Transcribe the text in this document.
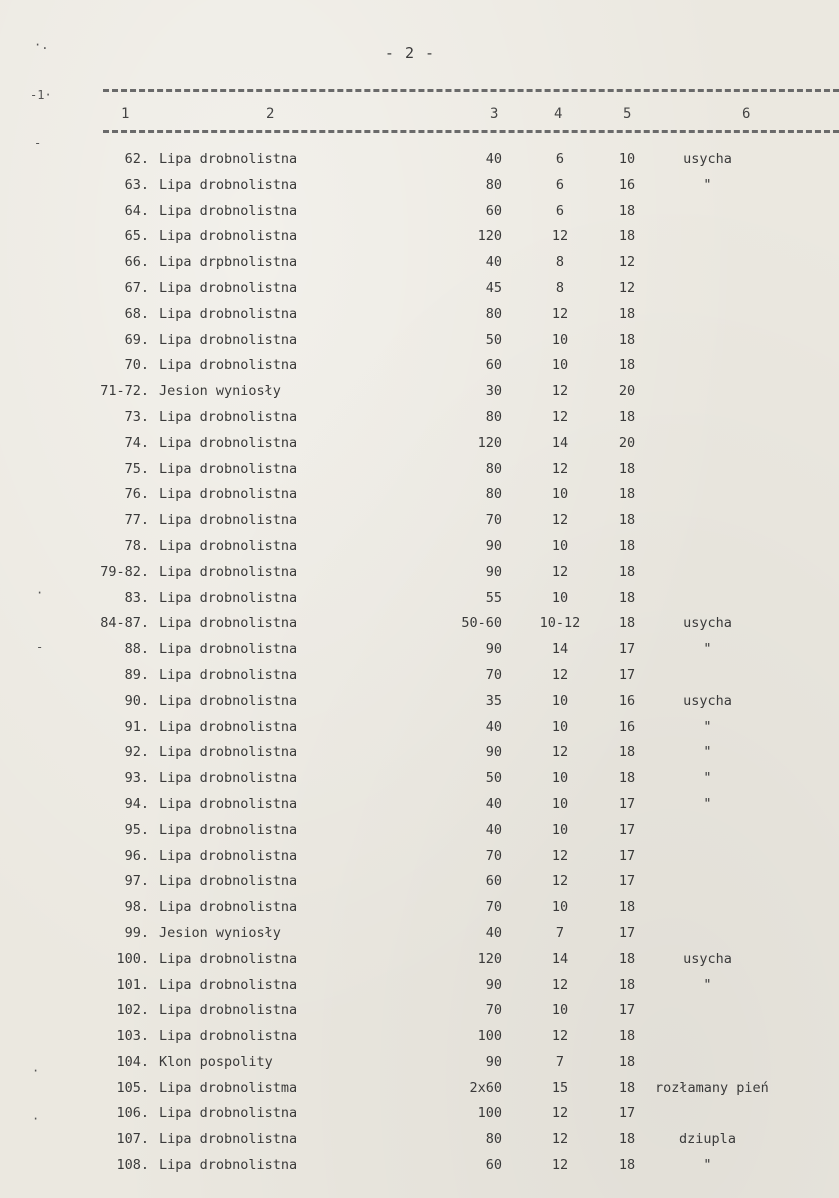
·.
-1·
-
·
-
·
·
- 2 -
1	2	3	4	5	6
62. Lipa drobnolistna	40	6	10	usycha
63. Lipa drobnolistna	80	6	16	"
64. Lipa drobnolistna	60	6	18
65. Lipa drobnolistna	120	12	18
66. Lipa drpbnolistna	40	8	12
67. Lipa drobnolistna	45	8	12
68. Lipa drobnolistna	80	12	18
69. Lipa drobnolistna	50	10	18
70. Lipa drobnolistna	60	10	18
71-72. Jesion wyniosły	30	12	20
73. Lipa drobnolistna	80	12	18
74. Lipa drobnolistna	120	14	20
75. Lipa drobnolistna	80	12	18
76. Lipa drobnolistna	80	10	18
77. Lipa drobnolistna	70	12	18
78. Lipa drobnolistna	90	10	18
79-82. Lipa drobnolistna	90	12	18
83. Lipa drobnolistna	55	10	18
84-87. Lipa drobnolistna	50-60	10-12	18	usycha
88. Lipa drobnolistna	90	14	17	"
89. Lipa drobnolistna	70	12	17
90. Lipa drobnolistna	35	10	16	usycha
91. Lipa drobnolistna	40	10	16	"
92. Lipa drobnolistna	90	12	18	"
93. Lipa drobnolistna	50	10	18	"
94. Lipa drobnolistna	40	10	17	"
95. Lipa drobnolistna	40	10	17
96. Lipa drobnolistna	70	12	17
97. Lipa drobnolistna	60	12	17
98. Lipa drobnolistna	70	10	18
99. Jesion wyniosły	40	7	17
100. Lipa drobnolistna	120	14	18	usycha
101. Lipa drobnolistna	90	12	18	"
102. Lipa drobnolistna	70	10	17
103. Lipa drobnolistna	100	12	18
104. Klon pospolity	90	7	18
105. Lipa drobnolistma	2x60	15	18	rozłamany pień
106. Lipa drobnolistna	100	12	17
107. Lipa drobnolistna	80	12	18	dziupla
108. Lipa drobnolistna	60	12	18	"
